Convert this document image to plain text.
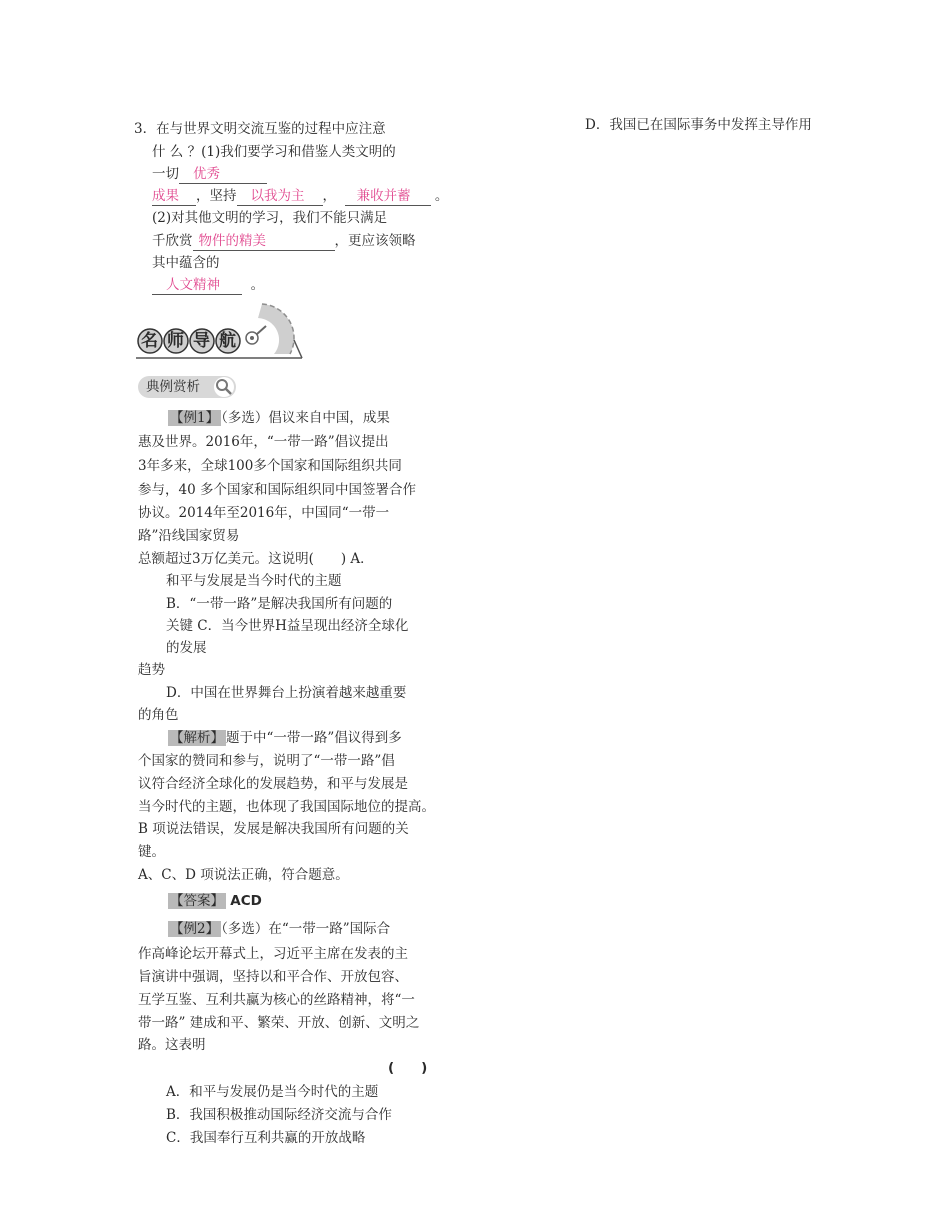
3．在与世界文明交流互鉴的过程中应注意
什 么 ？(1)我们要学习和借鉴人类文明的
一切 优秀
成果 ，坚持 以我为主 ， 兼收并蓄 。
(2)对其他文明的学习，我们不能只满足
千欣赏 物件的精美	，更应该领略
其中蕴含的
人文精神 。
D．我国已在国际事务中发挥主导作用
名 师 导 航
典例赏析
【例1】 （多选）倡议来自中国，成果
惠及世界。2016年，“一带一路”倡议提出
3年多来，全球100多个国家和国际组织共同
参与，40 多个国家和国际组织同中国签署合作
协议。2014年至2016年，中国同“一带一
路”沿线国家贸易
总额超过3万亿美元。这说明(　　) A．
和平与发展是当今时代的主题
B．“一带一路”是解决我国所有问题的
关键 C．当今世界H益呈现出经济全球化
的发展
趋势
D．中国在世界舞台上扮演着越来越重要
的角色
【解析】 题于中“一带一路”倡议得到多
个国家的赞同和参与，说明了“一带一路”倡
议符合经济全球化的发展趋势，和平与发展是
当今时代的主题，也体现了我国国际地位的提高。
B 项说法错误，发展是解决我国所有问题的关
键。
A、C、D 项说法正确，符合题意。
【答案】 ACD
【例2】 （多选）在“一带一路”国际合
作高峰论坛开幕式上，习近平主席在发表的主
旨演讲中强调，坚持以和平合作、开放包容、
互学互鉴、互利共赢为核心的丝路精神，将“一
带一路” 建成和平、繁荣、开放、创新、文明之
路。这表明
(　　)
A．和平与发展仍是当今时代的主题
B．我国积极推动国际经济交流与合作
C．我国奉行互利共赢的开放战略
